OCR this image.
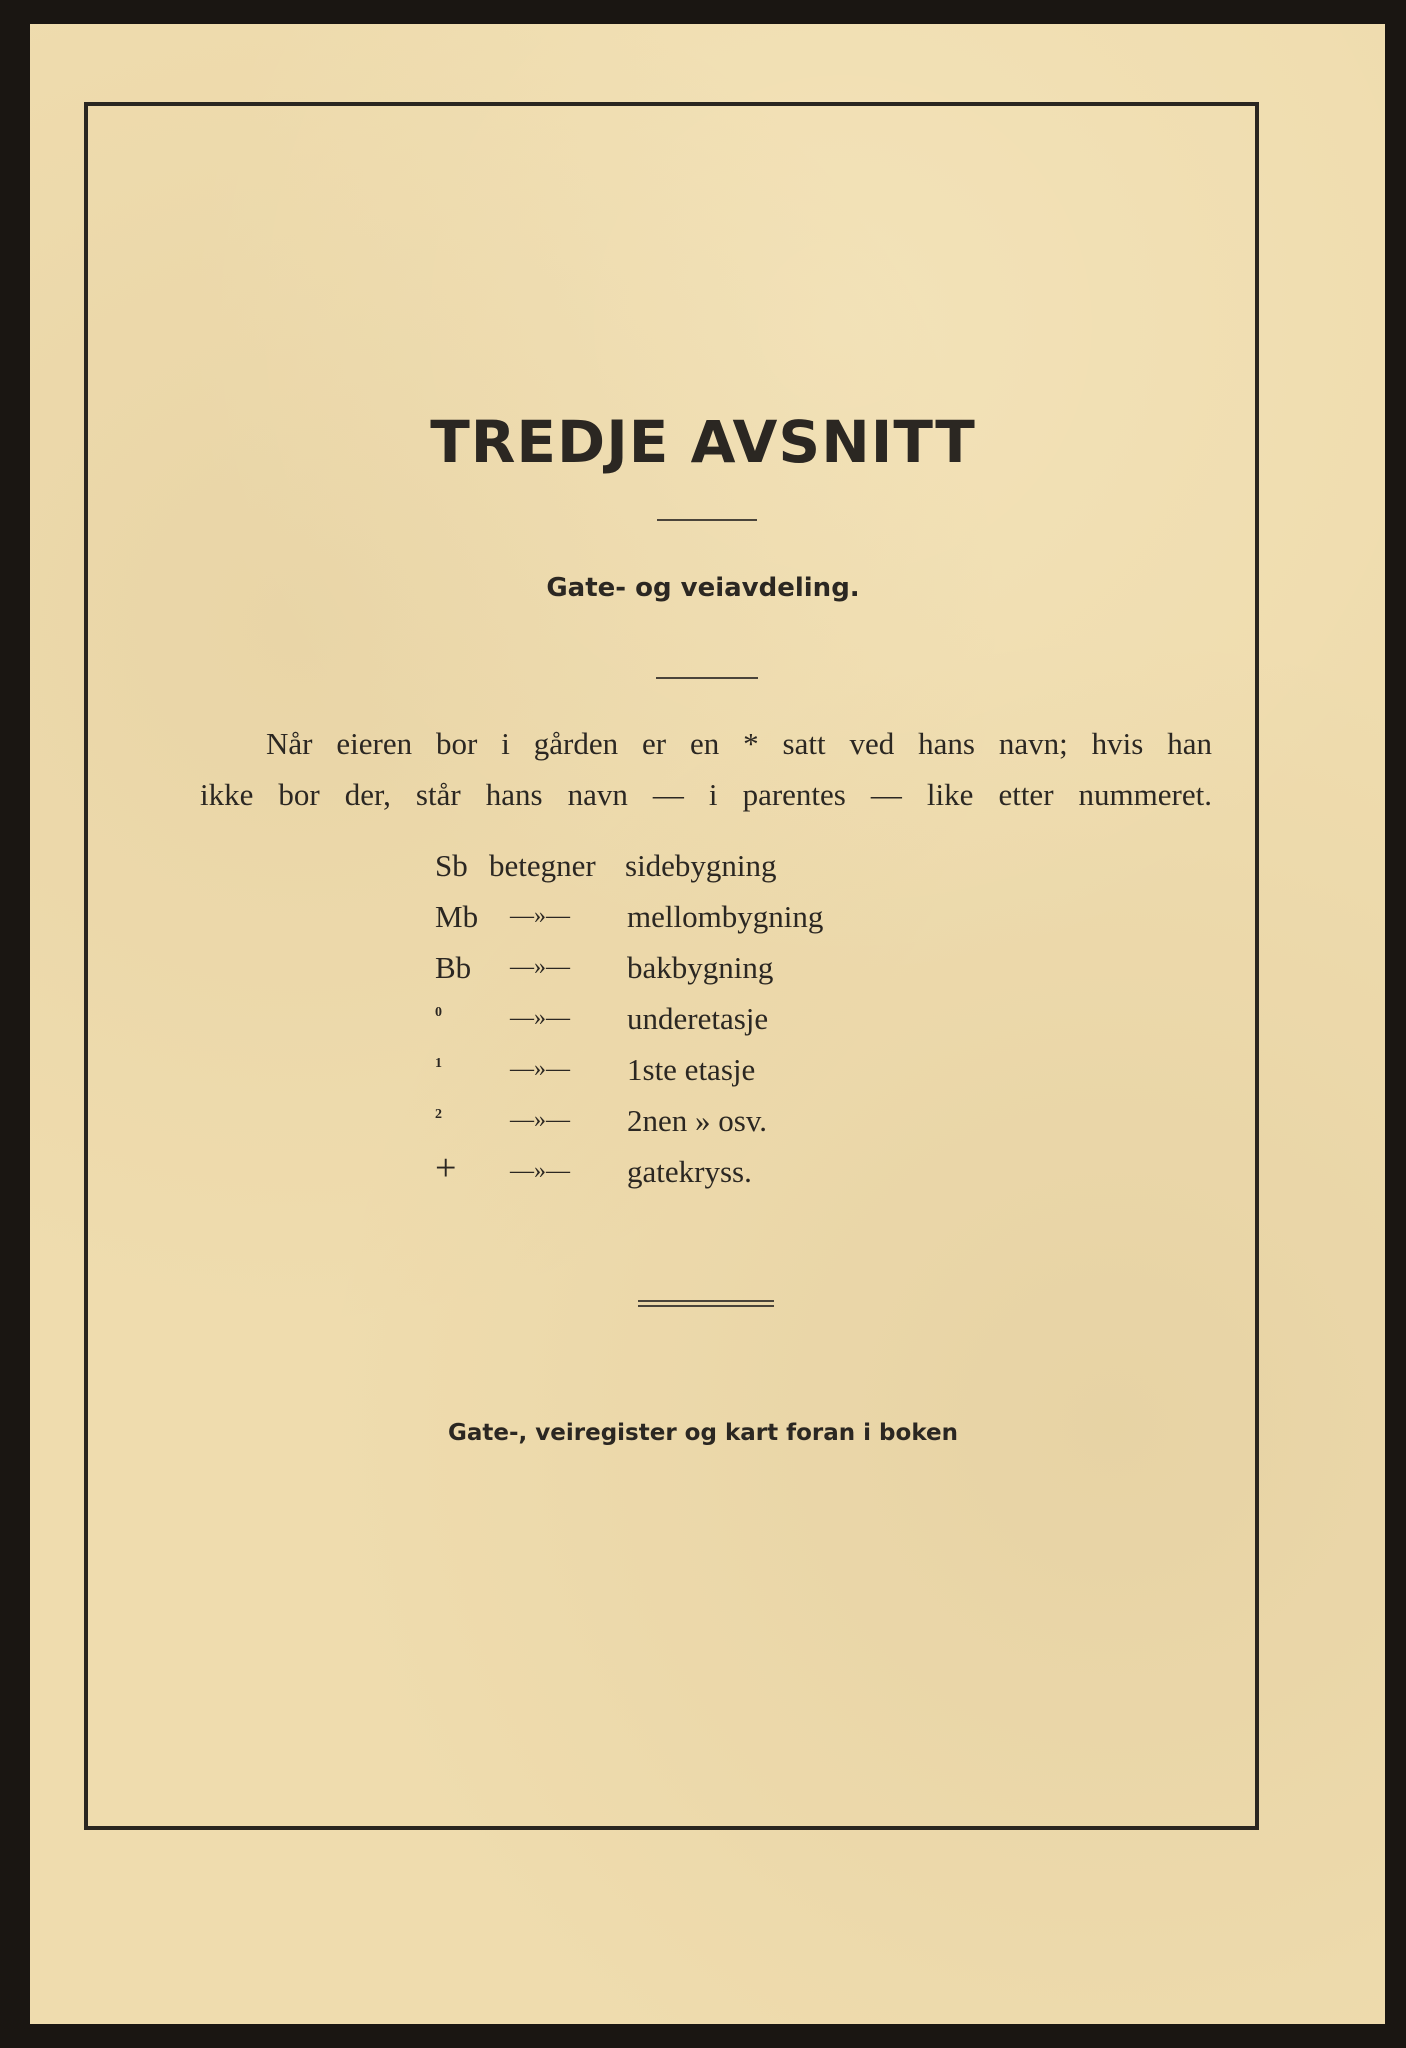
TREDJE AVSNITT
Gate- og veiavdeling.
Når eieren bor i gården er en * satt ved hans navn; hvis han
ikke bor der, står hans navn — i parentes — like etter nummeret.
Sb betegner sidebygning
Mb —»— mellombygning
Bb —»— bakbygning
0	—»— underetasje
1	—»— 1ste etasje
2	—»— 2nen » osv.
+ —»— gatekryss.
Gate-, veiregister og kart foran i boken
